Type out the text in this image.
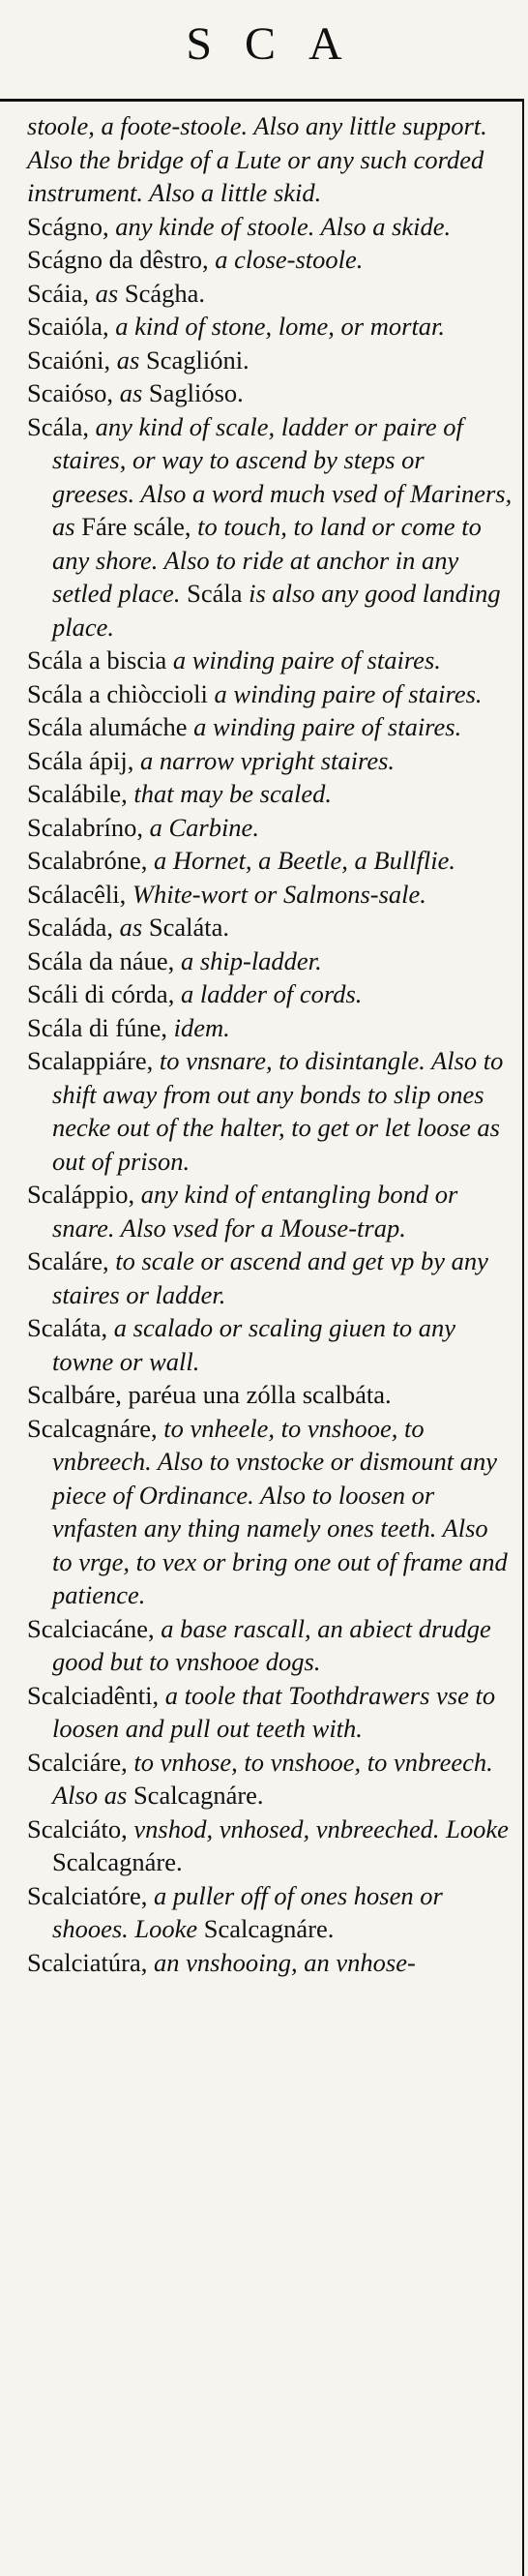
SCA

stoole, a foote-stoole. Also any little support. Also the bridge of a Lute or any such corded instrument. Also a little skid.

Scágno, any kinde of stoole. Also a skide.

Scágno da dêstro, a close-stoole.

Scáia, as Scágha.

Scaióla, a kind of stone, lome, or mortar.

Scaióni, as Scaglióni.

Scaióso, as Saglióso.

Scála, any kind of scale, ladder or paire of staires, or way to ascend by steps or greeses. Also a word much vsed of Mariners, as Fáre scále, to touch, to land or come to any shore. Also to ride at anchor in any setled place. Scála is also any good landing place.

Scála a biscia a winding paire of staires.

Scála a chiòccioli a winding paire of staires.

Scála alumáche a winding paire of staires.

Scála ápij, a narrow vpright staires.

Scalábile, that may be scaled.

Scalabríno, a Carbine.

Scalabróne, a Hornet, a Beetle, a Bullflie.

Scálacêli, White-wort or Salmons-sale.

Scaláda, as Scaláta.

Scála da náue, a ship-ladder.

Scáli di córda, a ladder of cords.

Scála di fúne, idem.

Scalappiáre, to vnsnare, to disintangle. Also to shift away from out any bonds to slip ones necke out of the halter, to get or let loose as out of prison.

Scaláppio, any kind of entangling bond or snare. Also vsed for a Mouse-trap.

Scaláre, to scale or ascend and get vp by any staires or ladder.

Scaláta, a scalado or scaling giuen to any towne or wall.

Scalbáre, paréua una zólla scalbáta.

Scalcagnáre, to vnheele, to vnshooe, to vnbreech. Also to vnstocke or dismount any piece of Ordinance. Also to loosen or vnfasten any thing namely ones teeth. Also to vrge, to vex or bring one out of frame and patience.

Scalciacáne, a base rascall, an abiect drudge good but to vnshooe dogs.

Scalciadênti, a toole that Toothdrawers vse to loosen and pull out teeth with.

Scalciáre, to vnhose, to vnshooe, to vnbreech. Also as Scalcagnáre.

Scalciáto, vnshod, vnhosed, vnbreeched. Looke Scalcagnáre.

Scalciatóre, a puller off of ones hosen or shooes. Looke Scalcagnáre.

Scalciatúra, an vnshooing, an vnhose-
